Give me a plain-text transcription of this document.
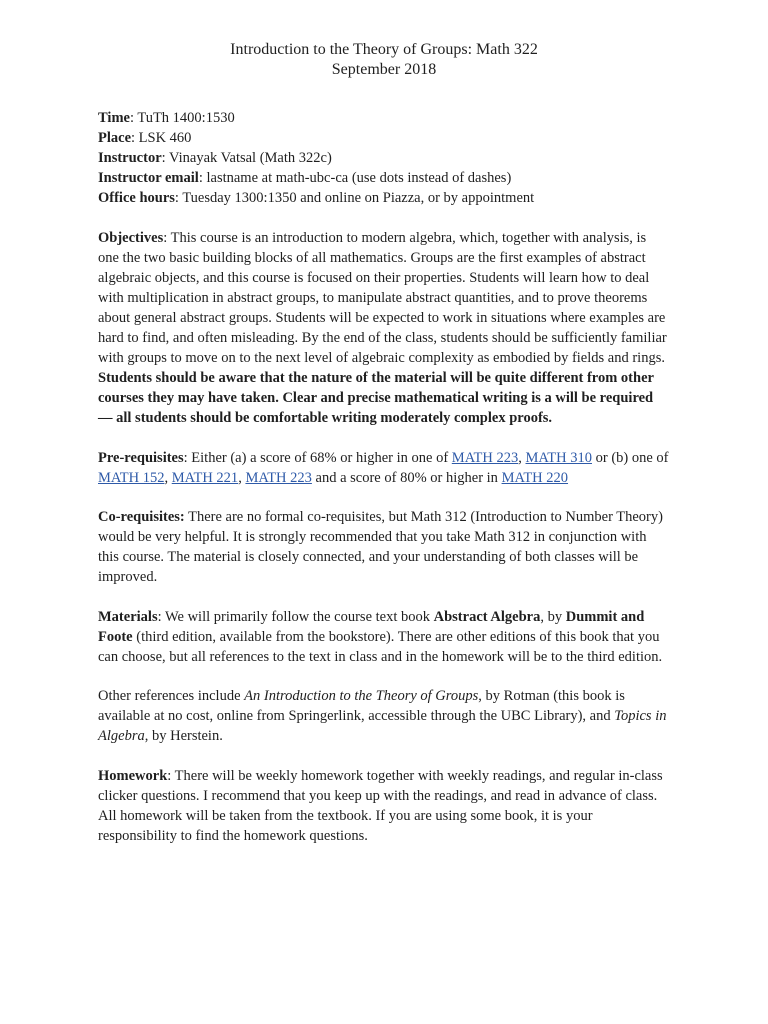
Introduction to the Theory of Groups: Math 322
September 2018

Time: TuTh 1400:1530

Place: LSK 460

Instructor: Vinayak Vatsal (Math 322c)

Instructor email: lastname at math-ubc-ca (use dots instead of dashes)

Office hours: Tuesday 1300:1350 and online on Piazza, or by appointment

Objectives: This course is an introduction to modern algebra, which, together with analysis, is one the two basic building blocks of all mathematics. Groups are the first examples of abstract algebraic objects, and this course is focused on their properties. Students will learn how to deal with multiplication in abstract groups, to manipulate abstract quantities, and to prove theorems about general abstract groups. Students will be expected to work in situations where examples are hard to find, and often misleading. By the end of the class, students should be sufficiently familiar with groups to move on to the next level of algebraic complexity as embodied by fields and rings. Students should be aware that the nature of the material will be quite different from other courses they may have taken. Clear and precise mathematical writing is a will be required — all students should be comfortable writing moderately complex proofs.

Pre-requisites: Either (a) a score of 68% or higher in one of MATH 223, MATH 310 or (b) one of MATH 152, MATH 221, MATH 223 and a score of 80% or higher in MATH 220

Co-requisites: There are no formal co-requisites, but Math 312 (Introduction to Number Theory) would be very helpful. It is strongly recommended that you take Math 312 in conjunction with this course. The material is closely connected, and your understanding of both classes will be improved.

Materials: We will primarily follow the course text book Abstract Algebra, by Dummit and Foote (third edition, available from the bookstore). There are other editions of this book that you can choose, but all references to the text in class and in the homework will be to the third edition.

Other references include An Introduction to the Theory of Groups, by Rotman (this book is available at no cost, online from Springerlink, accessible through the UBC Library), and Topics in Algebra, by Herstein.

Homework: There will be weekly homework together with weekly readings, and regular in-class clicker questions. I recommend that you keep up with the readings, and read in advance of class. All homework will be taken from the textbook. If you are using some book, it is your responsibility to find the homework questions.
